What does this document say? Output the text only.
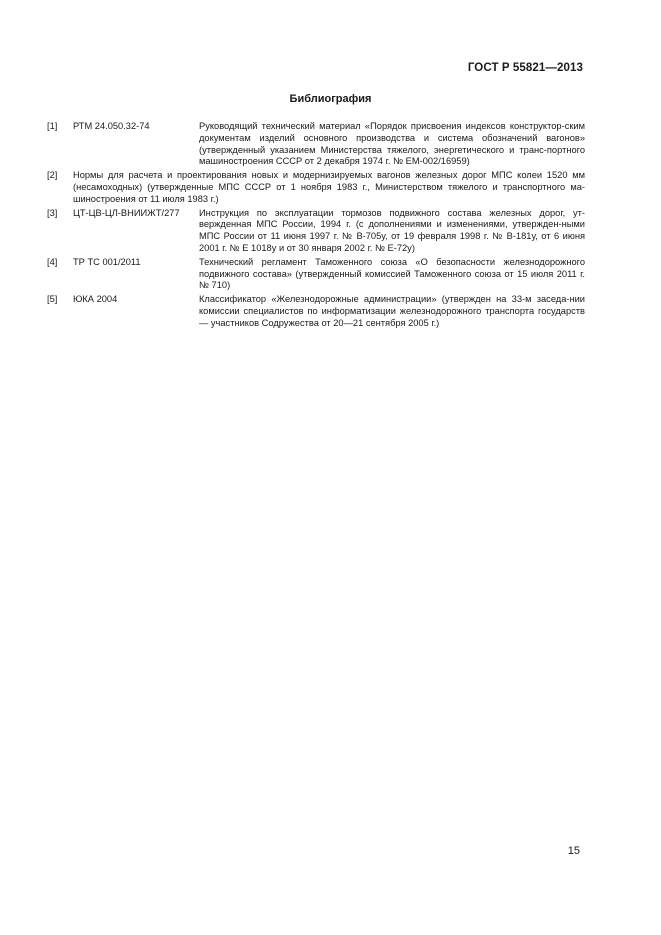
ГОСТ Р 55821—2013
Библиография
[1]	РТМ 24.050.32-74	Руководящий технический материал «Порядок присвоения индексов конструктор-ским документам изделий основного производства и система обозначений вагонов» (утвержденный указанием Министерства тяжелого, энергетического и транс-портного машиностроения СССР от 2 декабря 1974 г. № ЕМ-002/16959)
[2]	Нормы для расчета и проектирования новых и модернизируемых вагонов железных дорог МПС колеи 1520 мм (несамоходных) (утвержденные МПС СССР от 1 ноября 1983 г., Министерством тяжелого и транспортного ма-шиностроения от 11 июля 1983 г.)
[3]	ЦТ-ЦВ-ЦЛ-ВНИИЖТ/277	Инструкция по эксплуатации тормозов подвижного состава железных дорог, ут-вержденная МПС России, 1994 г. (с дополнениями и изменениями, утвержден-ными МПС России от 11 июня 1997 г. № В-705у, от 19 февраля 1998 г. № В-181у, от 6 июня 2001 г. № Е 1018у и от 30 января 2002 г. № Е-72у)
[4]	ТР ТС 001/2011	Технический регламент Таможенного союза «О безопасности железнодорожного подвижного состава» (утвержденный комиссией Таможенного союза от 15 июля 2011 г. № 710)
[5]	ЮКА 2004	Классификатор «Железнодорожные администрации» (утвержден на 33-м заседа-нии комиссии специалистов по информатизации железнодорожного транспорта государств — участников Содружества от 20—21 сентября 2005 г.)
15
